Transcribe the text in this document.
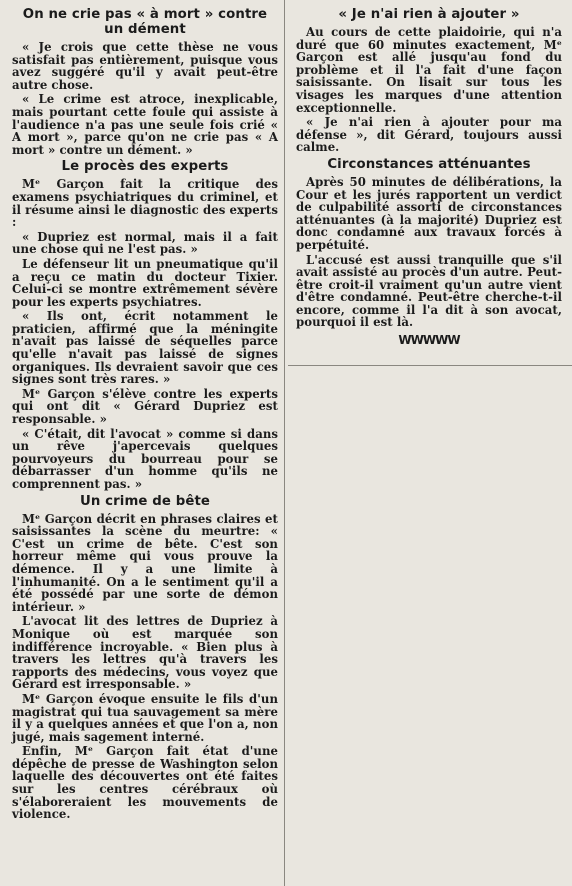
On ne crie pas « à mort » contre un dément

« Je crois que cette thèse ne vous satisfait pas entièrement, puisque vous avez suggéré qu'il y avait peut-être autre chose.

« Le crime est atroce, inexplicable, mais pourtant cette foule qui assiste à l'audience n'a pas une seule fois crié « A mort », parce qu'on ne crie pas « A mort » contre un dément. »

Le procès des experts

Mᵉ Garçon fait la critique des examens psychiatriques du criminel, et il résume ainsi le diagnostic des experts :

« Dupriez est normal, mais il a fait une chose qui ne l'est pas. »

Le défenseur lit un pneumatique qu'il a reçu ce matin du docteur Tixier. Celui-ci se montre extrêmement sévère pour les experts psychiatres.

« Ils ont, écrit notamment le praticien, affirmé que la méningite n'avait pas laissé de séquelles parce qu'elle n'avait pas laissé de signes organiques. Ils devraient savoir que ces signes sont très rares. »

Mᵉ Garçon s'élève contre les experts qui ont dit « Gérard Dupriez est responsable. »

« C'était, dit l'avocat » comme si dans un rêve j'apercevais quelques pourvoyeurs du bourreau pour se débarrasser d'un homme qu'ils ne comprennent pas. »

Un crime de bête

Mᵉ Garçon décrit en phrases claires et saisissantes la scène du meurtre: « C'est un crime de bête. C'est son horreur même qui vous prouve la démence. Il y a une limite à l'inhumanité. On a le sentiment qu'il a été possédé par une sorte de démon intérieur. »

L'avocat lit des lettres de Dupriez à Monique où est marquée son indifférence incroyable. « Bien plus à travers les lettres qu'à travers les rapports des médecins, vous voyez que Gérard est irresponsable. »

Mᵉ Garçon évoque ensuite le fils d'un magistrat qui tua sauvagement sa mère il y a quelques années et que l'on a, non jugé, mais sagement interné.

Enfin, Mᵉ Garçon fait état d'une dépêche de presse de Washington selon laquelle des découvertes ont été faites sur les centres cérébraux où s'élaboreraient les mouvements de violence.

« Je n'ai rien à ajouter »

Au cours de cette plaidoirie, qui n'a duré que 60 minutes exactement, Mᵉ Garçon est allé jusqu'au fond du problème et il l'a fait d'une façon saisissante. On lisait sur tous les visages les marques d'une attention exceptionnelle.

« Je n'ai rien à ajouter pour ma défense », dit Gérard, toujours aussi calme.

Circonstances atténuantes

Après 50 minutes de délibérations, la Cour et les jurés rapportent un verdict de culpabilité assorti de circonstances atténuantes (à la majorité) Dupriez est donc condamné aux travaux forcés à perpétuité.

L'accusé est aussi tranquille que s'il avait assisté au procès d'un autre. Peut-être croit-il vraiment qu'un autre vient d'être condamné. Peut-être cherche-t-il encore, comme il l'a dit à son avocat, pourquoi il est là.

WWWWW
